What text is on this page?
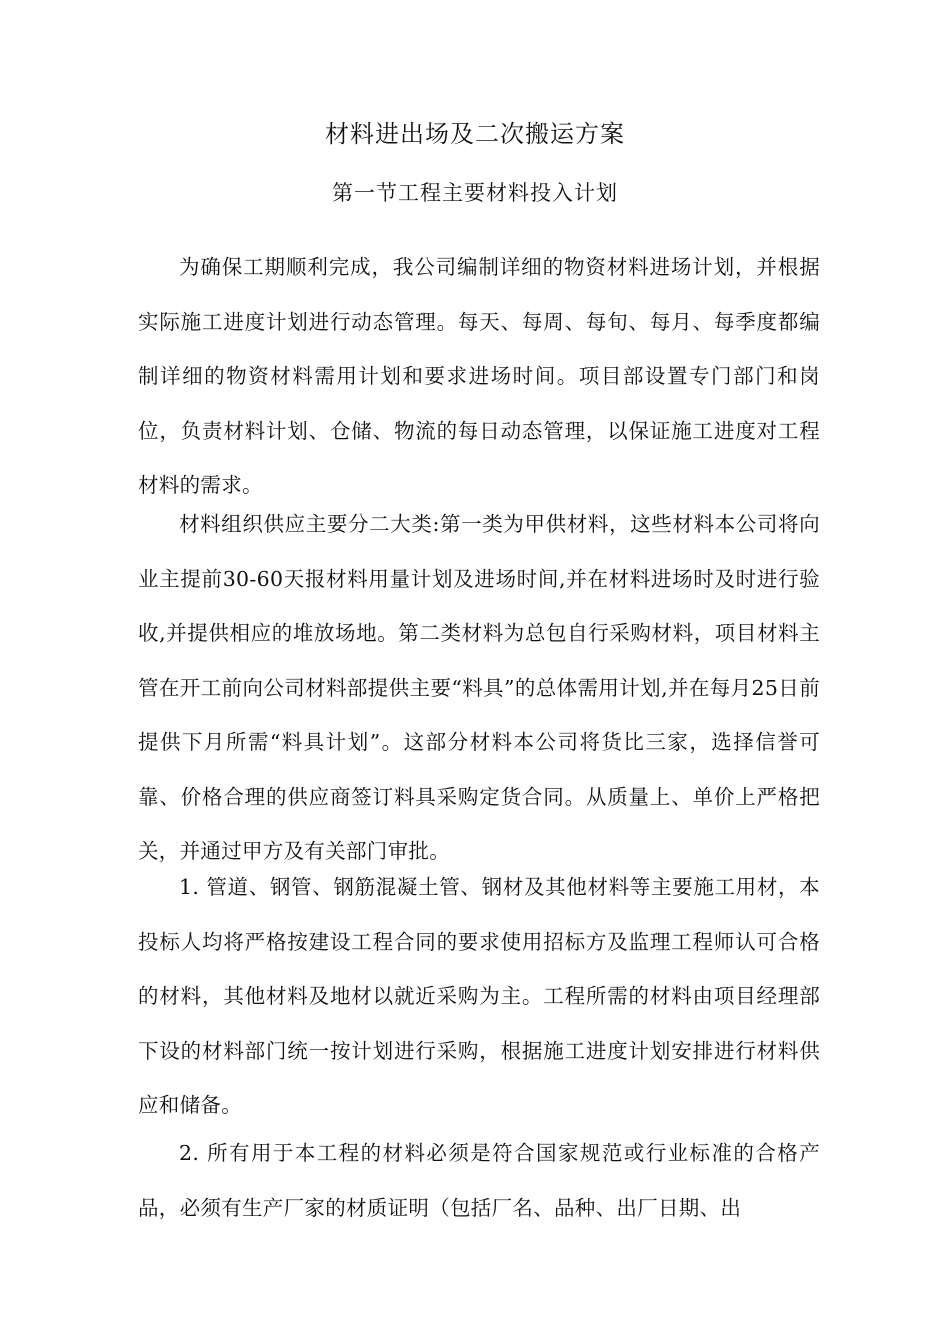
材料进出场及二次搬运方案
第一节工程主要材料投入计划

为确保工期顺利完成，我公司编制详细的物资材料进场计划，并根据实际施工进度计划进行动态管理。每天、每周、每旬、每月、每季度都编制详细的物资材料需用计划和要求进场时间。项目部设置专门部门和岗位，负责材料计划、仓储、物流的每日动态管理，以保证施工进度对工程材料的需求。

材料组织供应主要分二大类:第一类为甲供材料，这些材料本公司将向业主提前30-60天报材料用量计划及进场时间,并在材料进场时及时进行验收,并提供相应的堆放场地。第二类材料为总包自行采购材料，项目材料主管在开工前向公司材料部提供主要“料具”的总体需用计划,并在每月25日前提供下月所需“料具计划”。这部分材料本公司将货比三家，选择信誉可靠、价格合理的供应商签订料具采购定货合同。从质量上、单价上严格把关，并通过甲方及有关部门审批。

1. 管道、钢管、钢筋混凝土管、钢材及其他材料等主要施工用材，本投标人均将严格按建设工程合同的要求使用招标方及监理工程师认可合格的材料，其他材料及地材以就近采购为主。工程所需的材料由项目经理部下设的材料部门统一按计划进行采购，根据施工进度计划安排进行材料供应和储备。

2. 所有用于本工程的材料必须是符合国家规范或行业标准的合格产品，必须有生产厂家的材质证明（包括厂名、品种、出厂日期、出
